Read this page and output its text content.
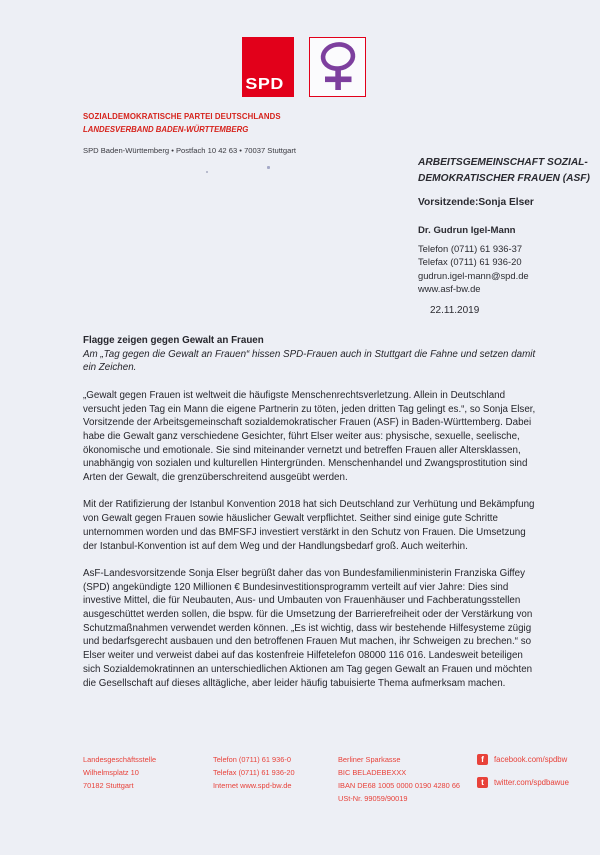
SPD
SOZIALDEMOKRATISCHE PARTEI DEUTSCHLANDS
LANDESVERBAND BADEN-WÜRTTEMBERG
SPD Baden-Württemberg • Postfach 10 42 63 • 70037 Stuttgart
ARBEITSGEMEINSCHAFT SOZIAL-
DEMOKRATISCHER FRAUEN (ASF)
Vorsitzende:Sonja Elser
Dr. Gudrun Igel-Mann
Telefon (0711) 61 936-37
Telefax (0711) 61 936-20
gudrun.igel-mann@spd.de
www.asf-bw.de
22.11.2019
Flagge zeigen gegen Gewalt an Frauen
Am „Tag gegen die Gewalt an Frauen“ hissen SPD-Frauen auch in Stuttgart die Fahne und setzen damit ein Zeichen.

„Gewalt gegen Frauen ist weltweit die häufigste Menschenrechtsverletzung. Allein in Deutschland versucht jeden Tag ein Mann die eigene Partnerin zu töten, jeden dritten Tag gelingt es.“, so Sonja Elser, Vorsitzende der Arbeitsgemeinschaft sozialdemokratischer Frauen (ASF) in Baden-Württemberg. Dabei habe die Gewalt ganz verschiedene Gesichter, führt Elser weiter aus: physische, sexuelle, seelische, ökonomische und emotionale. Sie sind miteinander vernetzt und betreffen Frauen aller Altersklassen, unabhängig von sozialen und kulturellen Hintergründen. Menschenhandel und Zwangsprostitution sind Arten der Gewalt, die grenzüberschreitend ausgeübt werden.

Mit der Ratifizierung der Istanbul Konvention 2018 hat sich Deutschland zur Verhütung und Bekämpfung von Gewalt gegen Frauen sowie häuslicher Gewalt verpflichtet. Seither sind einige gute Schritte unternommen worden und das BMFSFJ investiert verstärkt in den Schutz von Frauen. Die Umsetzung der Istanbul-Konvention ist auf dem Weg und der Handlungsbedarf groß. Auch weiterhin.

AsF-Landesvorsitzende Sonja Elser begrüßt daher das von Bundesfamilienministerin Franziska Giffey (SPD) angekündigte 120 Millionen € Bundesinvestitionsprogramm verteilt auf vier Jahre: Dies sind investive Mittel, die für Neubauten, Aus- und Umbauten von Frauenhäuser und Fachberatungsstellen ausgeschüttet werden sollen, die bspw. für die Umsetzung der Barrierefreiheit oder der Verstärkung von Schutzmaßnahmen verwendet werden können. „Es ist wichtig, dass wir bestehende Hilfesysteme zügig und bedarfsgerecht ausbauen und den betroffenen Frauen Mut machen, ihr Schweigen zu brechen.“ so Elser weiter und verweist dabei auf das kostenfreie Hilfetelefon 08000 116 016. Landesweit beteiligen sich Sozialdemokratinnen an unterschiedlichen Aktionen am Tag gegen Gewalt an Frauen und möchten die Gesellschaft auf dieses alltägliche, aber leider häufig tabuisierte Thema aufmerksam machen.

Landesgeschäftsstelle
Wilhelmsplatz 10
70182 Stuttgart
Telefon (0711) 61 936-0
Telefax (0711) 61 936-20
Internet www.spd-bw.de
Berliner Sparkasse
BIC BELADEBEXXX
IBAN DE68 1005 0000 0190 4280 66
USt-Nr. 99059/90019
f	facebook.com/spdbw
t	twitter.com/spdbawue
